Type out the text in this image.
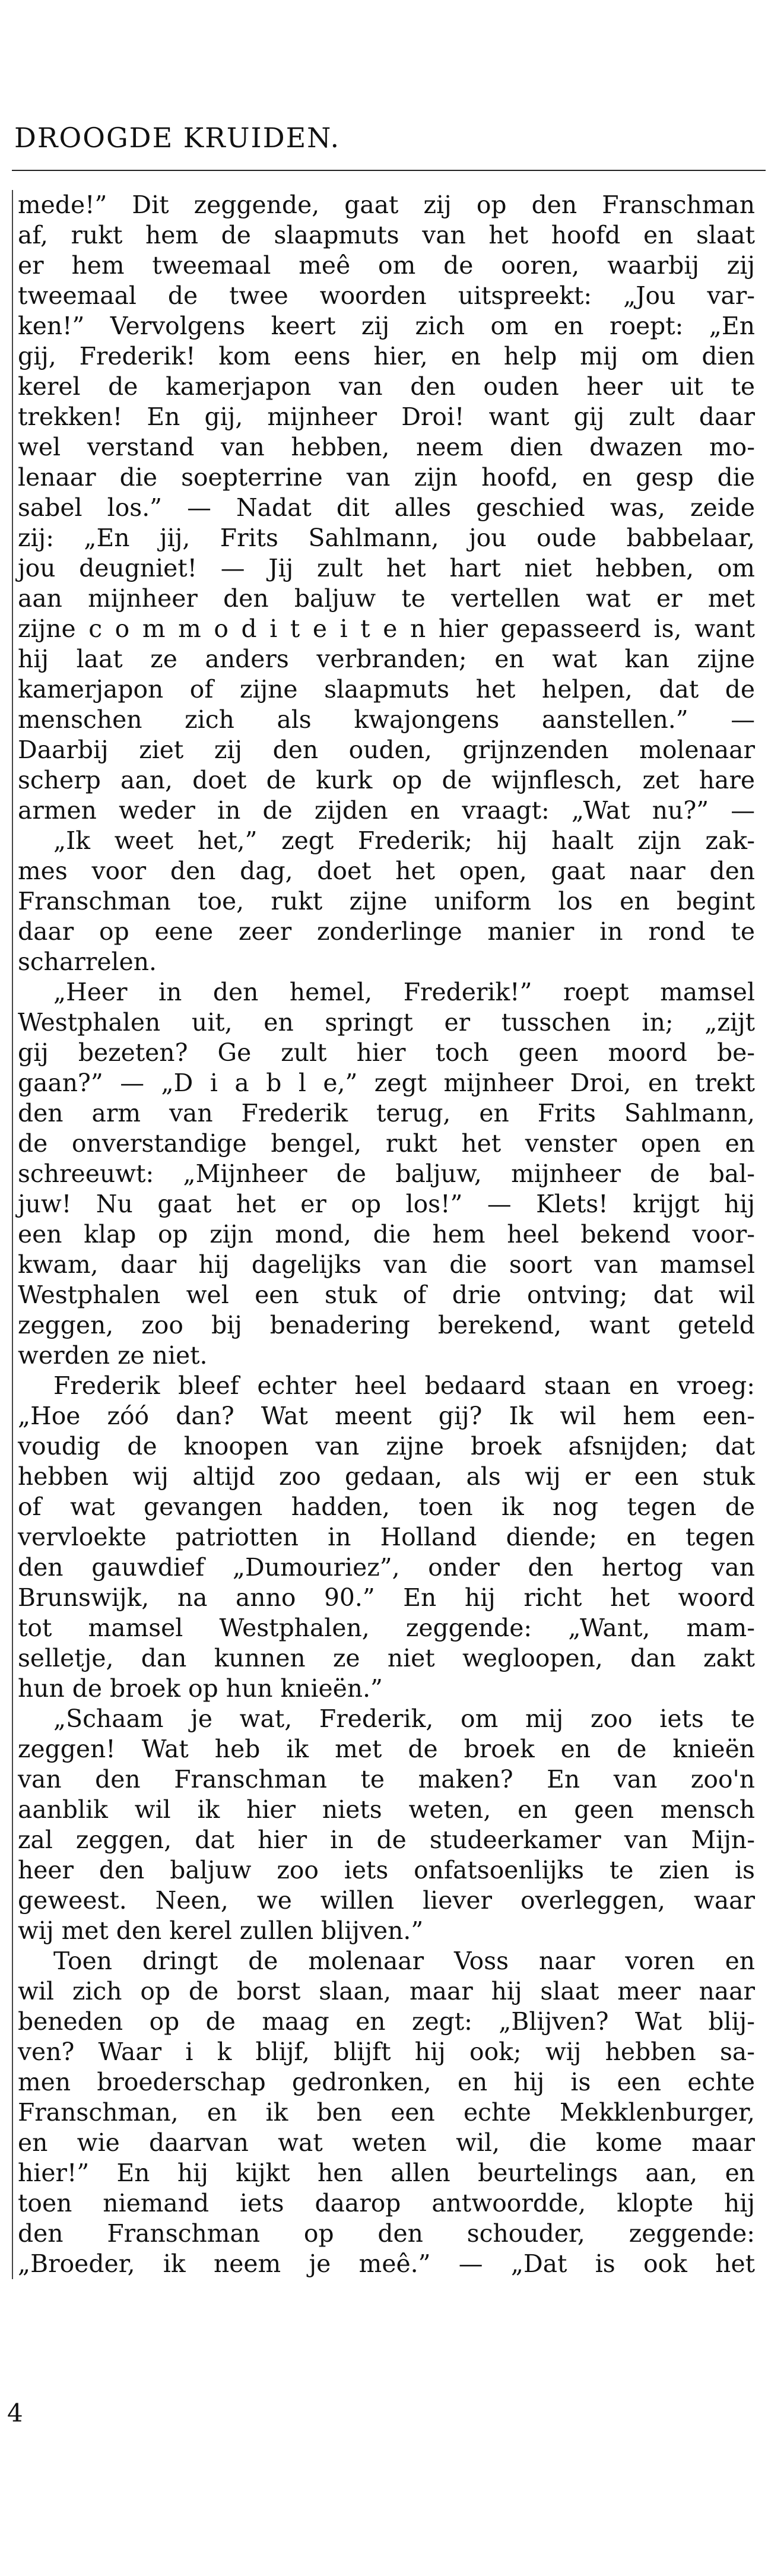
DROOGDE KRUIDEN.
mede!” Dit zeggende, gaat zij op den Franschman
af, rukt hem de slaapmuts van het hoofd en slaat
er hem tweemaal meê om de ooren, waarbij zij
tweemaal de twee woorden uitspreekt: „Jou var-
ken!” Vervolgens keert zij zich om en roept: „En
gij, Frederik! kom eens hier, en help mij om dien
kerel de kamerjapon van den ouden heer uit te
trekken! En gij, mijnheer Droi! want gij zult daar
wel verstand van hebben, neem dien dwazen mo-
lenaar die soepterrine van zijn hoofd, en gesp die
sabel los.” — Nadat dit alles geschied was, zeide
zij: „En jij, Frits Sahlmann, jou oude babbelaar,
jou deugniet! — Jij zult het hart niet hebben, om
aan mijnheer den baljuw te vertellen wat er met
zijne c o m m o d i t e i t e n hier gepasseerd is, want
hij laat ze anders verbranden; en wat kan zijne
kamerjapon of zijne slaapmuts het helpen, dat de
menschen zich als kwajongens aanstellen.” —
Daarbij ziet zij den ouden, grijnzenden molenaar
scherp aan, doet de kurk op de wijnflesch, zet hare
armen weder in de zijden en vraagt: „Wat nu?” —
„Ik weet het,” zegt Frederik; hij haalt zijn zak-
mes voor den dag, doet het open, gaat naar den
Franschman toe, rukt zijne uniform los en begint
daar op eene zeer zonderlinge manier in rond te
scharrelen.
„Heer in den hemel, Frederik!” roept mamsel
Westphalen uit, en springt er tusschen in; „zijt
gij bezeten? Ge zult hier toch geen moord be-
gaan?” — „D i a b l e,” zegt mijnheer Droi, en trekt
den arm van Frederik terug, en Frits Sahlmann,
de onverstandige bengel, rukt het venster open en
schreeuwt: „Mijnheer de baljuw, mijnheer de bal-
juw! Nu gaat het er op los!” — Klets! krijgt hij
een klap op zijn mond, die hem heel bekend voor-
kwam, daar hij dagelijks van die soort van mamsel
Westphalen wel een stuk of drie ontving; dat wil
zeggen, zoo bij benadering berekend, want geteld
werden ze niet.
Frederik bleef echter heel bedaard staan en vroeg:
„Hoe zóó dan? Wat meent gij? Ik wil hem een-
voudig de knoopen van zijne broek afsnijden; dat
hebben wij altijd zoo gedaan, als wij er een stuk
of wat gevangen hadden, toen ik nog tegen de
vervloekte patriotten in Holland diende; en tegen
den gauwdief „Dumouriez”, onder den hertog van
Brunswijk, na anno 90.” En hij richt het woord
tot mamsel Westphalen, zeggende: „Want, mam-
selletje, dan kunnen ze niet wegloopen, dan zakt
hun de broek op hun knieën.”
„Schaam je wat, Frederik, om mij zoo iets te
zeggen! Wat heb ik met de broek en de knieën
van den Franschman te maken? En van zoo'n
aanblik wil ik hier niets weten, en geen mensch
zal zeggen, dat hier in de studeerkamer van Mijn-
heer den baljuw zoo iets onfatsoenlijks te zien is
geweest. Neen, we willen liever overleggen, waar
wij met den kerel zullen blijven.”
Toen dringt de molenaar Voss naar voren en
wil zich op de borst slaan, maar hij slaat meer naar
beneden op de maag en zegt: „Blijven? Wat blij-
ven? Waar i k blijf, blijft hij ook; wij hebben sa-
men broederschap gedronken, en hij is een echte
Franschman, en ik ben een echte Mekklenburger,
en wie daarvan wat weten wil, die kome maar
hier!” En hij kijkt hen allen beurtelings aan, en
toen niemand iets daarop antwoordde, klopte hij
den Franschman op den schouder, zeggende:
„Broeder, ik neem je meê.” — „Dat is ook het
4
